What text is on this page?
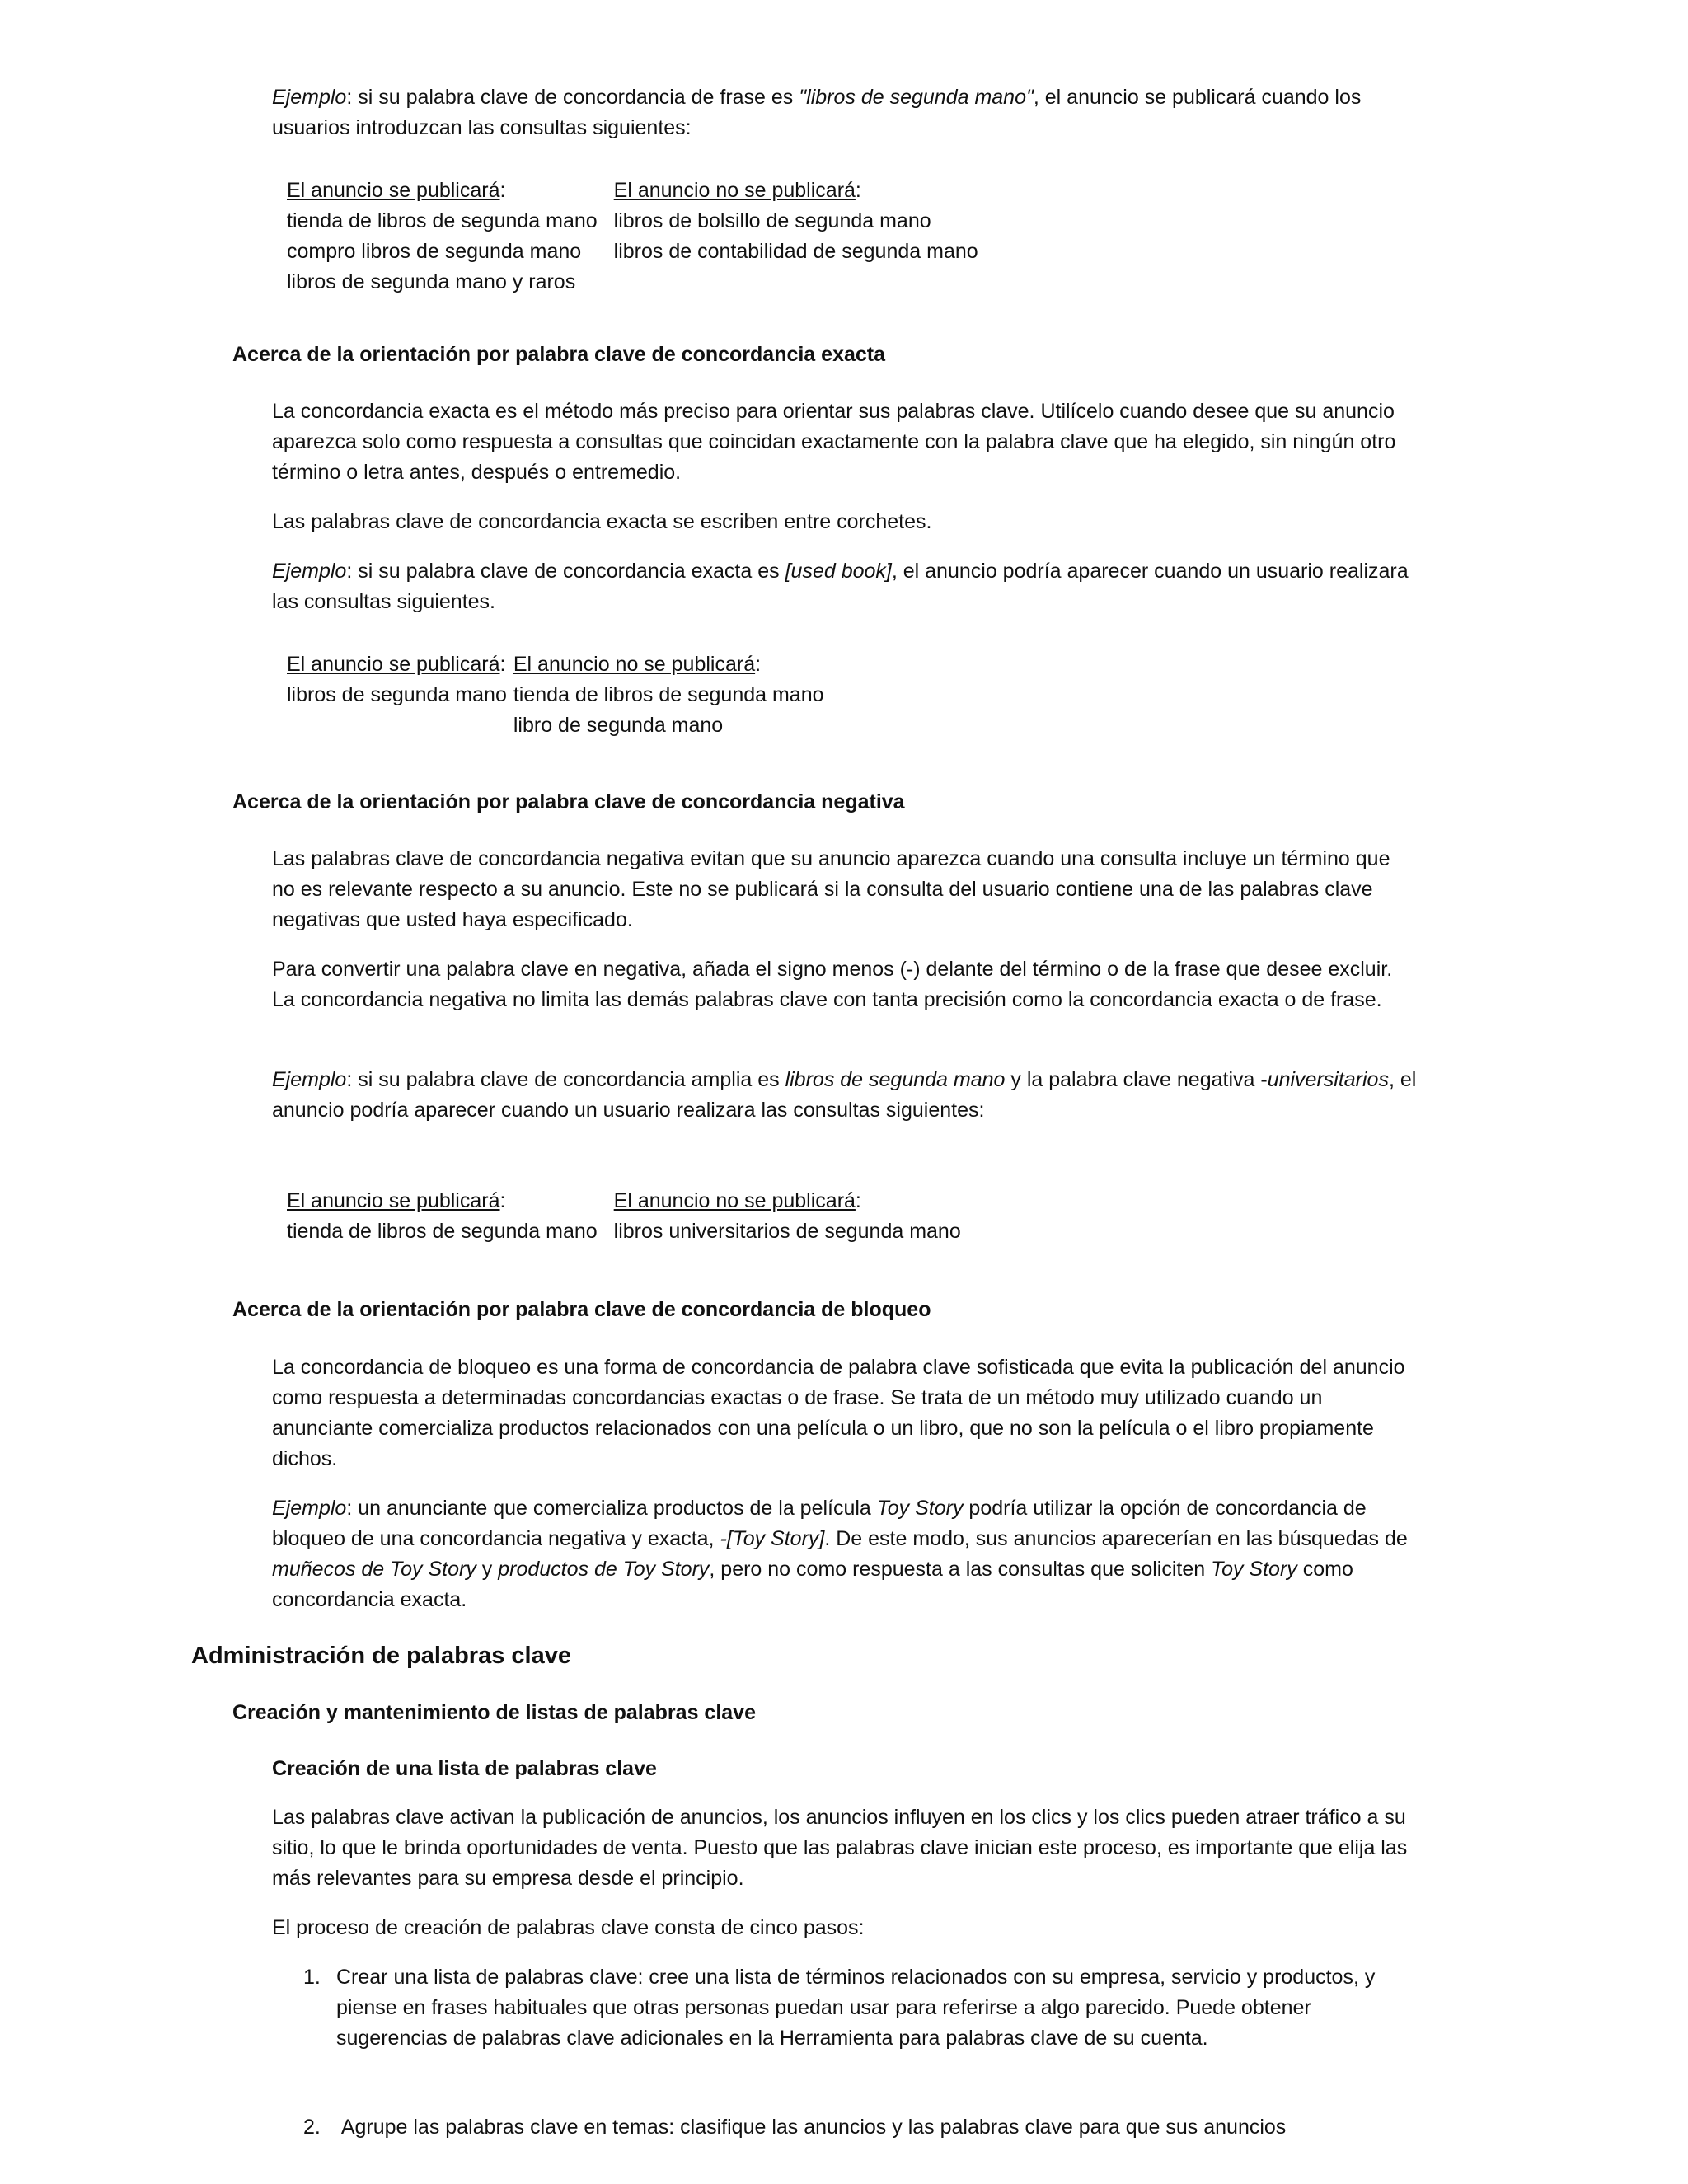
Ejemplo: si su palabra clave de concordancia de frase es "libros de segunda mano", el anuncio se publicará cuando los usuarios introduzcan las consultas siguientes:

El anuncio se publicará:	El anuncio no se publicará:
tienda de libros de segunda mano	libros de bolsillo de segunda mano
compro libros de segunda mano	libros de contabilidad de segunda mano
libros de segunda mano y raros	
Acerca de la orientación por palabra clave de concordancia exacta

La concordancia exacta es el método más preciso para orientar sus palabras clave. Utilícelo cuando desee que su anuncio aparezca solo como respuesta a consultas que coincidan exactamente con la palabra clave que ha elegido, sin ningún otro término o letra antes, después o entremedio.

Las palabras clave de concordancia exacta se escriben entre corchetes.

Ejemplo: si su palabra clave de concordancia exacta es [used book], el anuncio podría aparecer cuando un usuario realizara las consultas siguientes.

El anuncio se publicará:	El anuncio no se publicará:
libros de segunda mano	tienda de libros de segunda mano
	libro de segunda mano
Acerca de la orientación por palabra clave de concordancia negativa

Las palabras clave de concordancia negativa evitan que su anuncio aparezca cuando una consulta incluye un término que no es relevante respecto a su anuncio. Este no se publicará si la consulta del usuario contiene una de las palabras clave negativas que usted haya especificado.

Para convertir una palabra clave en negativa, añada el signo menos (-) delante del término o de la frase que desee excluir. La concordancia negativa no limita las demás palabras clave con tanta precisión como la concordancia exacta o de frase.

Ejemplo: si su palabra clave de concordancia amplia es libros de segunda mano y la palabra clave negativa -universitarios, el anuncio podría aparecer cuando un usuario realizara las consultas siguientes:

El anuncio se publicará:	El anuncio no se publicará:
tienda de libros de segunda mano	libros universitarios de segunda mano
Acerca de la orientación por palabra clave de concordancia de bloqueo

La concordancia de bloqueo es una forma de concordancia de palabra clave sofisticada que evita la publicación del anuncio como respuesta a determinadas concordancias exactas o de frase. Se trata de un método muy utilizado cuando un anunciante comercializa productos relacionados con una película o un libro, que no son la película o el libro propiamente dichos.

Ejemplo: un anunciante que comercializa productos de la película Toy Story podría utilizar la opción de concordancia de bloqueo de una concordancia negativa y exacta, -[Toy Story]. De este modo, sus anuncios aparecerían en las búsquedas de muñecos de Toy Story y productos de Toy Story, pero no como respuesta a las consultas que soliciten Toy Story como concordancia exacta.

Administración de palabras clave
Creación y mantenimiento de listas de palabras clave
Creación de una lista de palabras clave

Las palabras clave activan la publicación de anuncios, los anuncios influyen en los clics y los clics pueden atraer tráfico a su sitio, lo que le brinda oportunidades de venta. Puesto que las palabras clave inician este proceso, es importante que elija las más relevantes para su empresa desde el principio.

El proceso de creación de palabras clave consta de cinco pasos:

1. Crear una lista de palabras clave: cree una lista de términos relacionados con su empresa, servicio y productos, y piense en frases habituales que otras personas puedan usar para referirse a algo parecido. Puede obtener sugerencias de palabras clave adicionales en la Herramienta para palabras clave de su cuenta.
2. Agrupe las palabras clave en temas: clasifique las anuncios y las palabras clave para que sus anuncios
